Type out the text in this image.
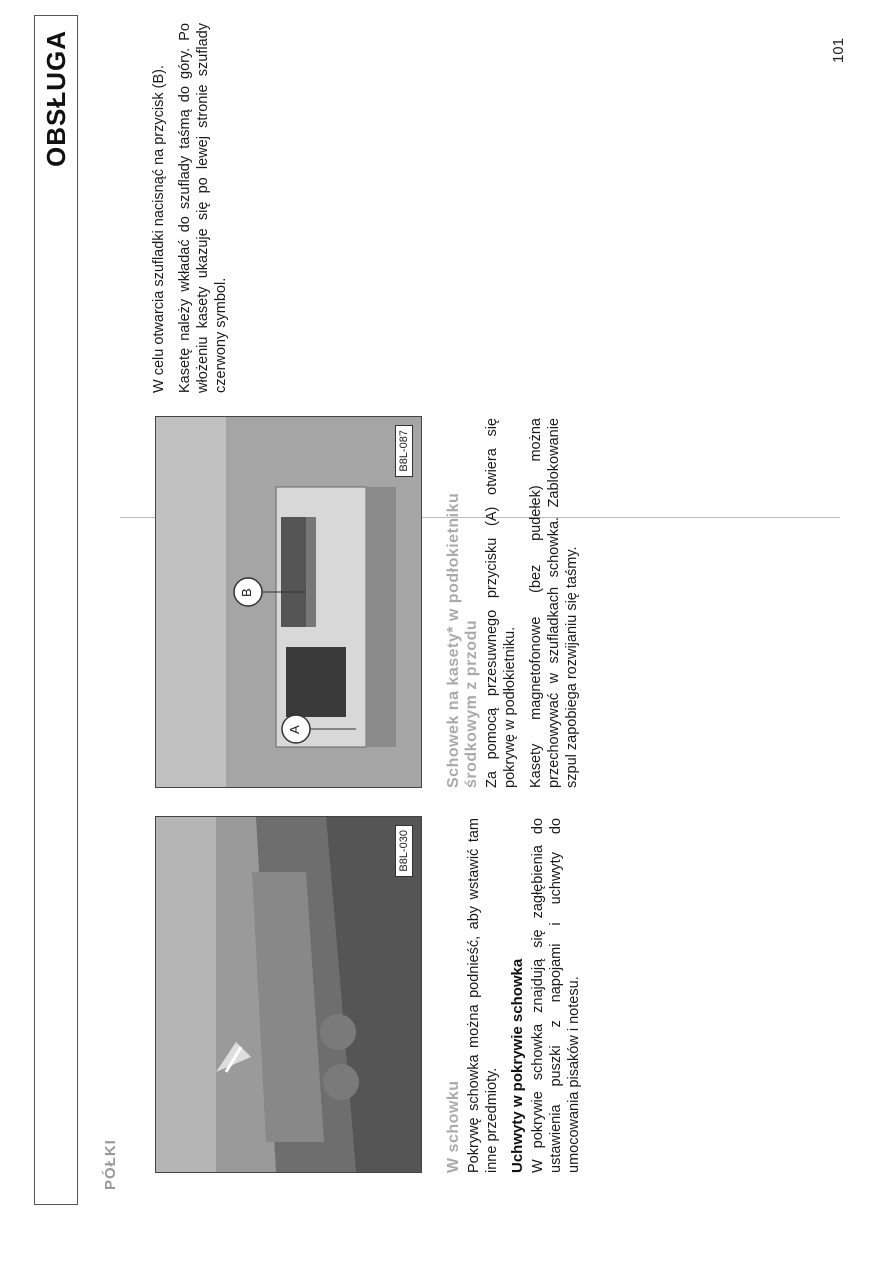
OBSŁUGA
PÓŁKI
B8L-030
B8L-087
A
B
W schowku Pokrywę schowka można podnieść, aby wstawić tam inne przedmioty. Uchwyty w pokrywie schowka W pokrywie schowka znajdują się zagłębienia do ustawienia puszki z napojami i uchwyty do umocowania pisaków i notesu.

Schowek na kasety* w podłokietniku środkowym z przodu Za pomocą przesuwnego przycisku (A) otwiera się pokrywę w podłokietniku. Kasety magnetofonowe (bez pudełek) można przechowywać w szufladkach schowka. Zablokowanie szpul zapobiega rozwijaniu się taśmy.

W celu otwarcia szufladki nacisnąć na przycisk (B). Kasetę należy wkładać do szuflady taśmą do góry. Po włożeniu kasety ukazuje się po lewej stronie szuflady czerwony symbol.

101
